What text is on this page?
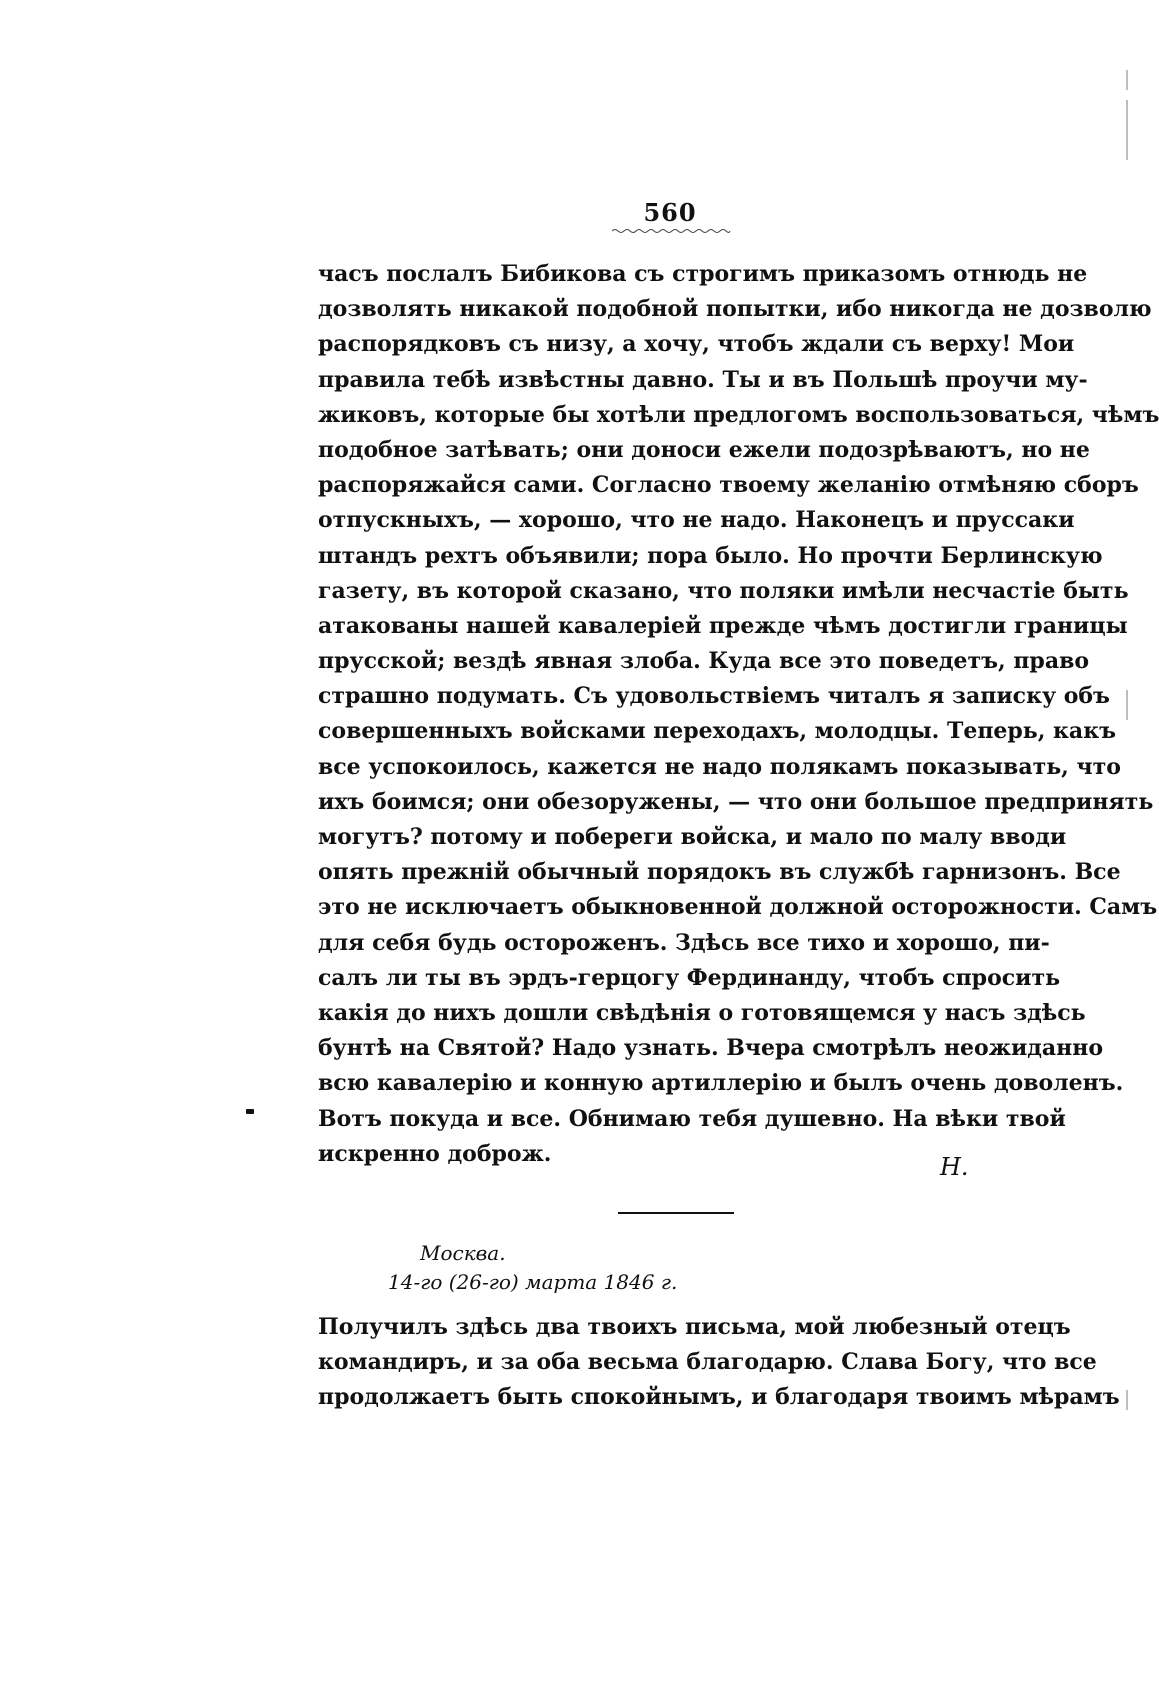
560
часъ послалъ Бибикова съ строгимъ приказомъ отнюдь не
дозволять никакой подобной попытки, ибо никогда не дозволю
распорядковъ съ низу, а хочу, чтобъ ждали съ верху! Мои
правила тебѣ извѣстны давно. Ты и въ Польшѣ проучи му-
жиковъ, которые бы хотѣли предлогомъ воспользоваться, чѣмъ
подобное затѣвать; они доноси ежели подозрѣваютъ, но не
распоряжайся сами. Согласно твоему желанію отмѣняю сборъ
отпускныхъ, — хорошо, что не надо. Наконецъ и пруссаки
штандъ рехтъ объявили; пора было. Но прочти Берлинскую
газету, въ которой сказано, что поляки имѣли несчастіе быть
атакованы нашей кавалеріей прежде чѣмъ достигли границы
прусской; вездѣ явная злоба. Куда все это поведетъ, право
страшно подумать. Съ удовольствіемъ читалъ я записку объ
совершенныхъ войсками переходахъ, молодцы. Теперь, какъ
все успокоилось, кажется не надо полякамъ показывать, что
ихъ боимся; они обезоружены, — что они большое предпринять
могутъ? потому и побереги войска, и мало по малу вводи
опять прежній обычный порядокъ въ службѣ гарнизонъ. Все
это не исключаетъ обыкновенной должной осторожности. Самъ
для себя будь остороженъ. Здѣсь все тихо и хорошо, пи-
салъ ли ты въ эрдъ-герцогу Фердинанду, чтобъ спросить
какія до нихъ дошли свѣдѣнія о готовящемся у насъ здѣсь
бунтѣ на Святой? Надо узнать. Вчера смотрѣлъ неожиданно
всю кавалерію и конную артиллерію и былъ очень доволенъ.
Вотъ покуда и все. Обнимаю тебя душевно. На вѣки твой
искренно доброж.	Н.
Москва.
14-го (26-го) марта 1846 г.
Получилъ здѣсь два твоихъ письма, мой любезный отецъ
командиръ, и за оба весьма благодарю. Слава Богу, что все
продолжаетъ быть спокойнымъ, и благодаря твоимъ мѣрамъ
